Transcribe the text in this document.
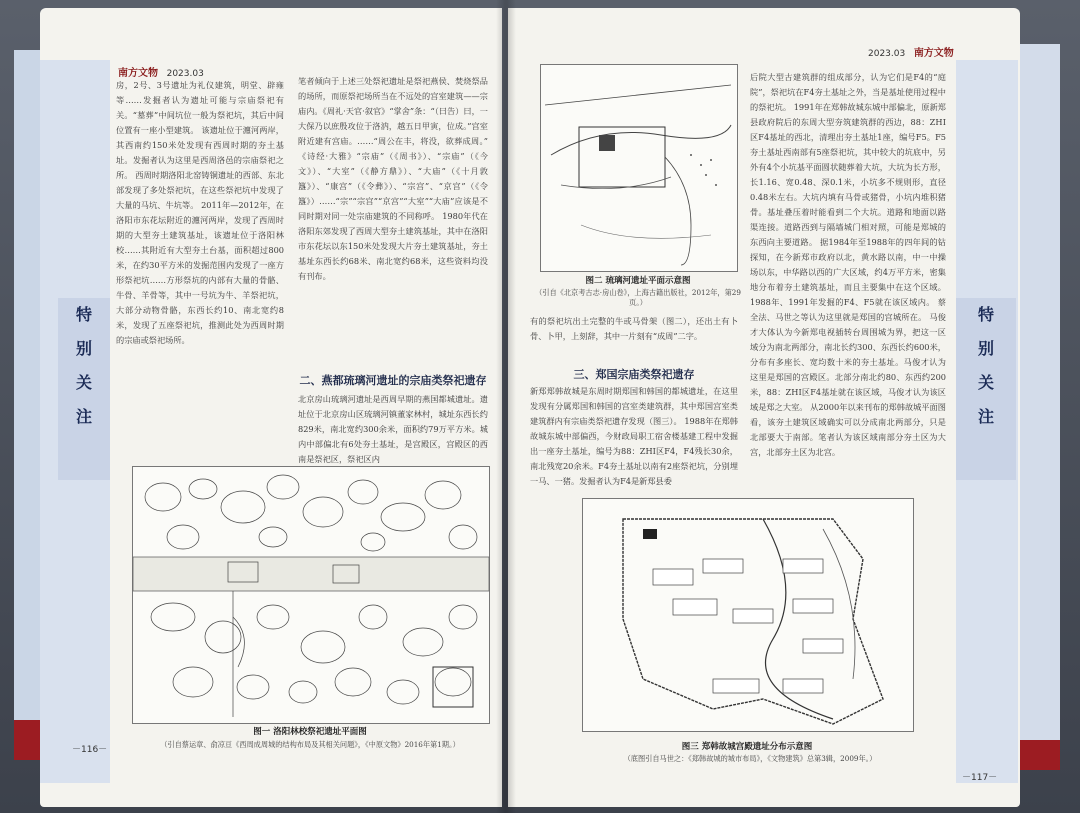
特
别
关
注
南方文物 2023.03
房，2号、3号遗址为礼仪建筑，明堂、辟雍等……发掘者认为遗址可能与宗庙祭祀有关。“墓葬”中间坑位一般为祭祀坑，其后中间位置有一座小型建筑。 该遗址位于瀍河两岸，其西南约150米处发现有西周时期的夯土基址。发掘者认为这里是西周洛邑的宗庙祭祀之所。 西周时期洛阳北窑铸铜遗址的西部、东北部发现了多处祭祀坑，在这些祭祀坑中发现了大量的马坑、牛坑等。 2011年—2012年，在洛阳市东花坛附近的瀍河两岸，发现了西周时期的大型夯土建筑基址，该遗址位于洛阳林校……其附近有大型夯土台基，面积超过800米，在约30平方米的发掘范围内发现了一座方形祭祀坑……方形祭坑的内部有大量的骨骼、牛骨、羊骨等，其中一号坑为牛、羊祭祀坑，大部分动物骨骼，东西长约10、南北宽约8米，发现了五座祭祀坑，推测此处为西周时期的宗庙或祭祀场所。
笔者倾向于上述三处祭祀遗址是祭祀燕侯、焚烧祭品的场所，而原祭祀场所当在不远处的宫室建筑——宗庙内。《周礼·天官·叙官》“掌舍”条：“（曰告）曰，一大保乃以庶殷攻位于洛汭，越五日甲寅，位成。”宫室附近建有宫庙。……“周公在丰，将没，欲葬成周。” 《诗经·大雅》“宗庙”（《周书》）、“宗庙”（《今文》）、“大室”（《静方鼎》）、“大庙”（《十月敦簋》）、“康宫”（《令彝》）、“宗宫”、“京宫”（《令簋》）……“宗”“宗宫”“京宫”“大室”“大庙”应该是不同时期对同一处宗庙建筑的不同称呼。 1980年代在洛阳东郊发现了西周大型夯土建筑基址，其中在洛阳市东花坛以东150米处发现大片夯土建筑基址，夯土基址东西长约68米、南北宽约68米，这些资料均没有刊布。
二、燕都琉璃河遗址的宗庙类祭祀遗存
北京房山琉璃河遗址是西周早期的燕国都城遗址。遗址位于北京房山区琉璃河镇董家林村，城址东西长约829米，南北宽约300余米，面积约79万平方米。城内中部偏北有6处夯土基址，是宫殿区，宫殿区的西南是祭祀区，祭祀区内
图一 洛阳林校祭祀遗址平面图
（引自蔡运章、俞凉亘《西周成周城的结构布局及其相关问题》，《中原文物》2016年第1期。）
－116－
特
别
关
注
2023.03 南方文物
图二 琉璃河遗址平面示意图
（引自《北京考古志·房山卷》，上海古籍出版社，2012年，第29页。）
有的祭祀坑出土完整的牛或马骨架（图二），还出土有卜骨、卜甲，上刻辞，其中一片刻有“成周”二字。
三、郑国宗庙类祭祀遗存
新郑郑韩故城是东周时期郑国和韩国的都城遗址，在这里发现有分属郑国和韩国的宫室类建筑群，其中郑国宫室类建筑群内有宗庙类祭祀遗存发现（图三）。 1988年在郑韩故城东城中部偏西，今财政局职工宿舍楼基建工程中发掘出一座夯土基址，编号为88：ZHⅠ区F4，F4残长30余，南北残宽20余米。F4夯土基址以南有2座祭祀坑，分别埋一马、一猪。发掘者认为F4是新郑县委
后院大型古建筑群的组成部分，认为它们是F4的“庭院”，祭祀坑在F4夯土基址之外，当是基址使用过程中的祭祀坑。 1991年在郑韩故城东城中部偏北，原新郑县政府院后的东周大型夯筑建筑群的西边，88：ZHⅠ区F4基址的西北，清理出夯土基址1座，编号F5。F5夯土基址西南部有5座祭祀坑，其中较大的坑底中，另外有4个小坑基平面圆状随葬着大坑，大坑为长方形，长1.16、宽0.48、深0.1米，小坑多不规则形，直径0.48米左右。大坑内填有马骨或猪骨，小坑内堆积猪骨。基址叠压着时能看到二个大坑。道路和地面以路渠连接。道路西到与隔墙城门相对照，可能是郑城的东西向主要道路。 据1984年至1988年的四年间的钻探知，在今新郑市政府以北，黄水路以南，中一中操场以东，中华路以西的广大区域，约4万平方米，密集地分布着夯土建筑基址，而且主要集中在这个区域。1988年、1991年发掘的F4、F5就在该区域内。 蔡全法、马世之等认为这里就是郑国的宫城所在。 马俊才大体认为今新郑电视插转台周围城为界，把这一区域分为南北两部分，南北长约300、东西长约600米，分布有多座长、宽均数十米的夯土基址。马俊才认为这里是郑国的宫殿区。北部分南北约80、东西约200米，88：ZHⅠ区F4基址就在该区域，马俊才认为该区域是郑之大室。 从2000年以来刊布的郑韩故城平面图看，该夯土建筑区域确实可以分成南北两部分，只是北部要大于南部。笔者认为该区域南部分夯土区为大宫，北部夯土区为北宫。
图三 郑韩故城宫殿遗址分布示意图
（底图引自马世之：《郑韩故城的城市布局》，《文物建筑》总第3辑，2009年。）
－117－
